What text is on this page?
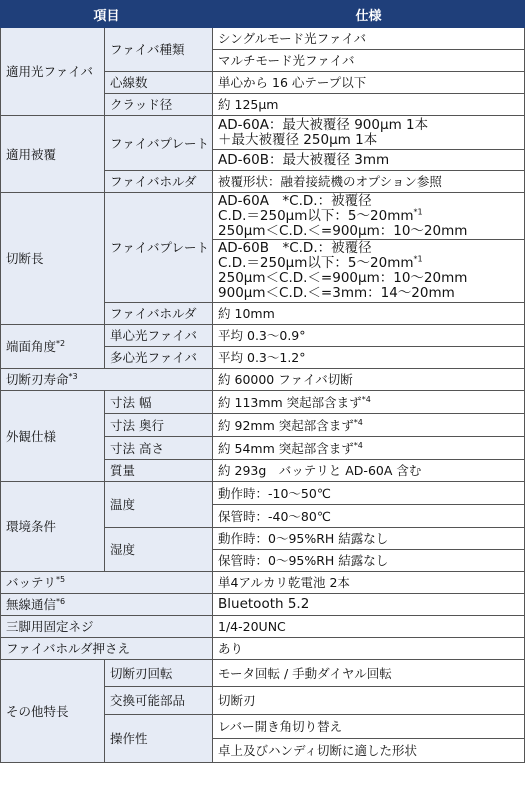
項目		仕様
適用光ファイバ	ファイバ種類	シングルモード光ファイバ
		マルチモード光ファイバ
	心線数	単心から 16 心テープ以下
	クラッド径	約 125μm
適用被覆	ファイバプレート	AD-60A：最大被覆径 900μm 1本
＋最大被覆径 250μm 1本

		AD-60B：最大被覆径 3mm
	ファイバホルダ	被覆形状：融着接続機のオプション参照
切断長	ファイバプレート	AD-60A　*C.D.：被覆径
C.D.＝250μm以下：$5\sim 20mm^{*1}$
250μm＜C.D.＜=900μm：10～20mm

		AD-60B　*C.D.：被覆径
C.D.＝250μm以下：$5\sim 20mm^{*1}$
250μm＜C.D.＜=900μm：10～20mm
900μm＜C.D.＜=3mm：14～20mm

	ファイバホルダ	約 10mm
端面角度$^{*2}$	単心光ファイバ	平均 0.3～0.9°
	多心光ファイバ	平均 0.3～1.2°
切断刃寿命$^{*3}$		約 60000 ファイバ切断
外観仕様	寸法 幅	約 113mm 突起部含まず$^{*4}$
	寸法 奥行	約 92mm 突起部含まず$^{*4}$
	寸法 高さ	約 54mm 突起部含まず$^{*4}$
	質量	約 293g　バッテリと AD-60A 含む
環境条件	温度	動作時：-10～50℃
		保管時：-40～80℃
	湿度	動作時：0～95%RH 結露なし
		保管時：0～95%RH 結露なし
バッテリ$^{*5}$		単4アルカリ乾電池 2本
無線通信$^{*6}$		Bluetooth 5.2
三脚用固定ネジ		1/4-20UNC
ファイバホルダ押さえ		あり
その他特長	切断刃回転	モータ回転 / 手動ダイヤル回転
	交換可能部品	切断刃
	操作性	レバー開き角切り替え
		卓上及びハンディ切断に適した形状
